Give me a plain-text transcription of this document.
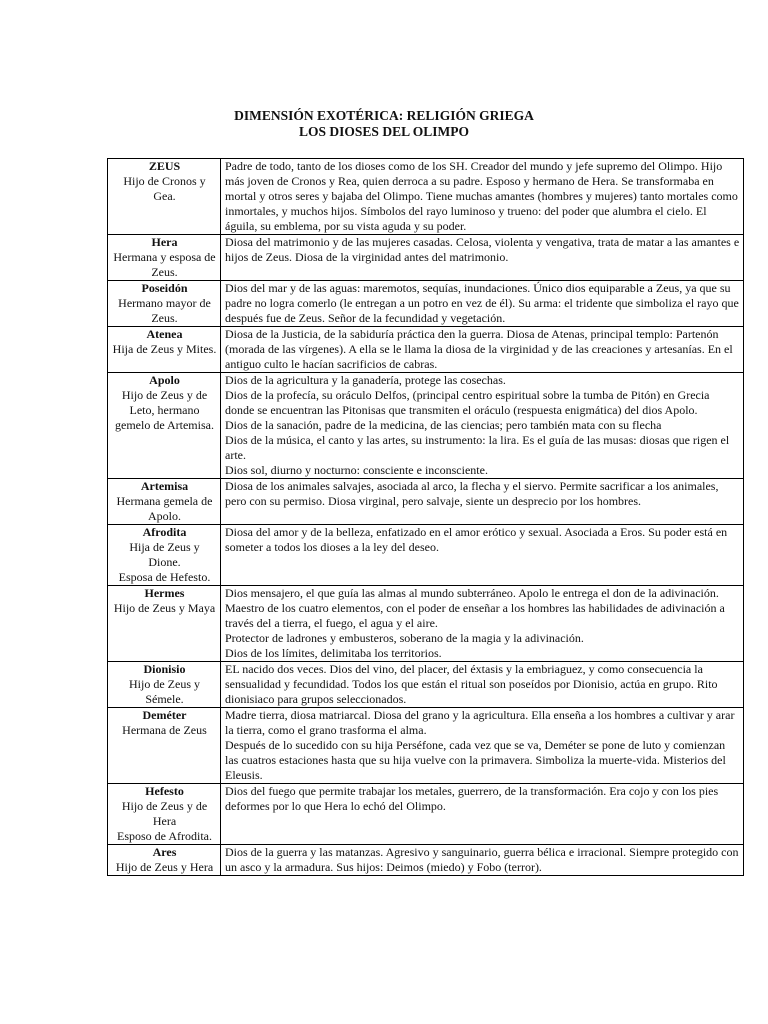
DIMENSIÓN EXOTÉRICA: RELIGIÓN GRIEGA
LOS DIOSES DEL OLIMPO
ZEUS
Hijo de Cronos y Gea.	Padre de todo, tanto de los dioses como de los SH. Creador del mundo y jefe supremo del Olimpo. Hijo más joven de Cronos y Rea, quien derroca a su padre. Esposo y hermano de Hera. Se transformaba en mortal y otros seres y bajaba del Olimpo. Tiene muchas amantes (hombres y mujeres) tanto mortales como inmortales, y muchos hijos. Símbolos del rayo luminoso y trueno: del poder que alumbra el cielo. El águila, su emblema, por su vista aguda y su poder.

Hera
Hermana y esposa de Zeus.	Diosa del matrimonio y de las mujeres casadas. Celosa, violenta y vengativa, trata de matar a las amantes e hijos de Zeus. Diosa de la virginidad antes del matrimonio.

Poseidón
Hermano mayor de Zeus.	Dios del mar y de las aguas: maremotos, sequías, inundaciones. Único dios equiparable a Zeus, ya que su padre no logra comerlo (le entregan a un potro en vez de él). Su arma: el tridente que simboliza el rayo que después fue de Zeus. Señor de la fecundidad y vegetación.

Atenea
Hija de Zeus y Mites.	Diosa de la Justicia, de la sabiduría práctica den la guerra. Diosa de Atenas, principal templo: Partenón (morada de las vírgenes). A ella se le llama la diosa de la virginidad y de las creaciones y artesanías. En el antiguo culto le hacían sacrificios de cabras.

Apolo
Hijo de Zeus y de Leto, hermano gemelo de Artemisa.	Dios de la agricultura y la ganadería, protege las cosechas.
Dios de la profecía, su oráculo Delfos, (principal centro espiritual sobre la tumba de Pitón) en Grecia donde se encuentran las Pitonisas que transmiten el oráculo (respuesta enigmática) del dios Apolo.
Dios de la sanación, padre de la medicina, de las ciencias; pero también mata con su flecha
Dios de la música, el canto y las artes, su instrumento: la lira. Es el guía de las musas: diosas que rigen el arte.
Dios sol, diurno y nocturno: consciente e inconsciente.

Artemisa
Hermana gemela de Apolo.	Diosa de los animales salvajes, asociada al arco, la flecha y el siervo. Permite sacrificar a los animales, pero con su permiso. Diosa virginal, pero salvaje, siente un desprecio por los hombres.

Afrodita
Hija de Zeus y Dione.
Esposa de Hefesto.	Diosa del amor y de la belleza, enfatizado en el amor erótico y sexual. Asociada a Eros. Su poder está en someter a todos los dioses a la ley del deseo.

Hermes
Hijo de Zeus y Maya	Dios mensajero, el que guía las almas al mundo subterráneo. Apolo le entrega el don de la adivinación. Maestro de los cuatro elementos, con el poder de enseñar a los hombres las habilidades de adivinación a través del a tierra, el fuego, el agua y el aire.
Protector de ladrones y embusteros, soberano de la magia y la adivinación.
Dios de los límites, delimitaba los territorios.

Dionisio
Hijo de Zeus y Sémele.	EL nacido dos veces. Dios del vino, del placer, del éxtasis y la embriaguez, y como consecuencia la sensualidad y fecundidad. Todos los que están el ritual son poseídos por Dionisio, actúa en grupo. Rito dionisiaco para grupos seleccionados.

Deméter
Hermana de Zeus	Madre tierra, diosa matriarcal. Diosa del grano y la agricultura. Ella enseña a los hombres a cultivar y arar la tierra, como el grano trasforma el alma.
Después de lo sucedido con su hija Perséfone, cada vez que se va, Deméter se pone de luto y comienzan las cuatros estaciones hasta que su hija vuelve con la primavera. Simboliza la muerte-vida. Misterios del Eleusis.

Hefesto
Hijo de Zeus y de Hera
Esposo de Afrodita.	Dios del fuego que permite trabajar los metales, guerrero, de la transformación. Era cojo y con los pies deformes por lo que Hera lo echó del Olimpo.

Ares
Hijo de Zeus y Hera	Dios de la guerra y las matanzas. Agresivo y sanguinario, guerra bélica e irracional. Siempre protegido con un asco y la armadura. Sus hijos: Deimos (miedo) y Fobo (terror).
